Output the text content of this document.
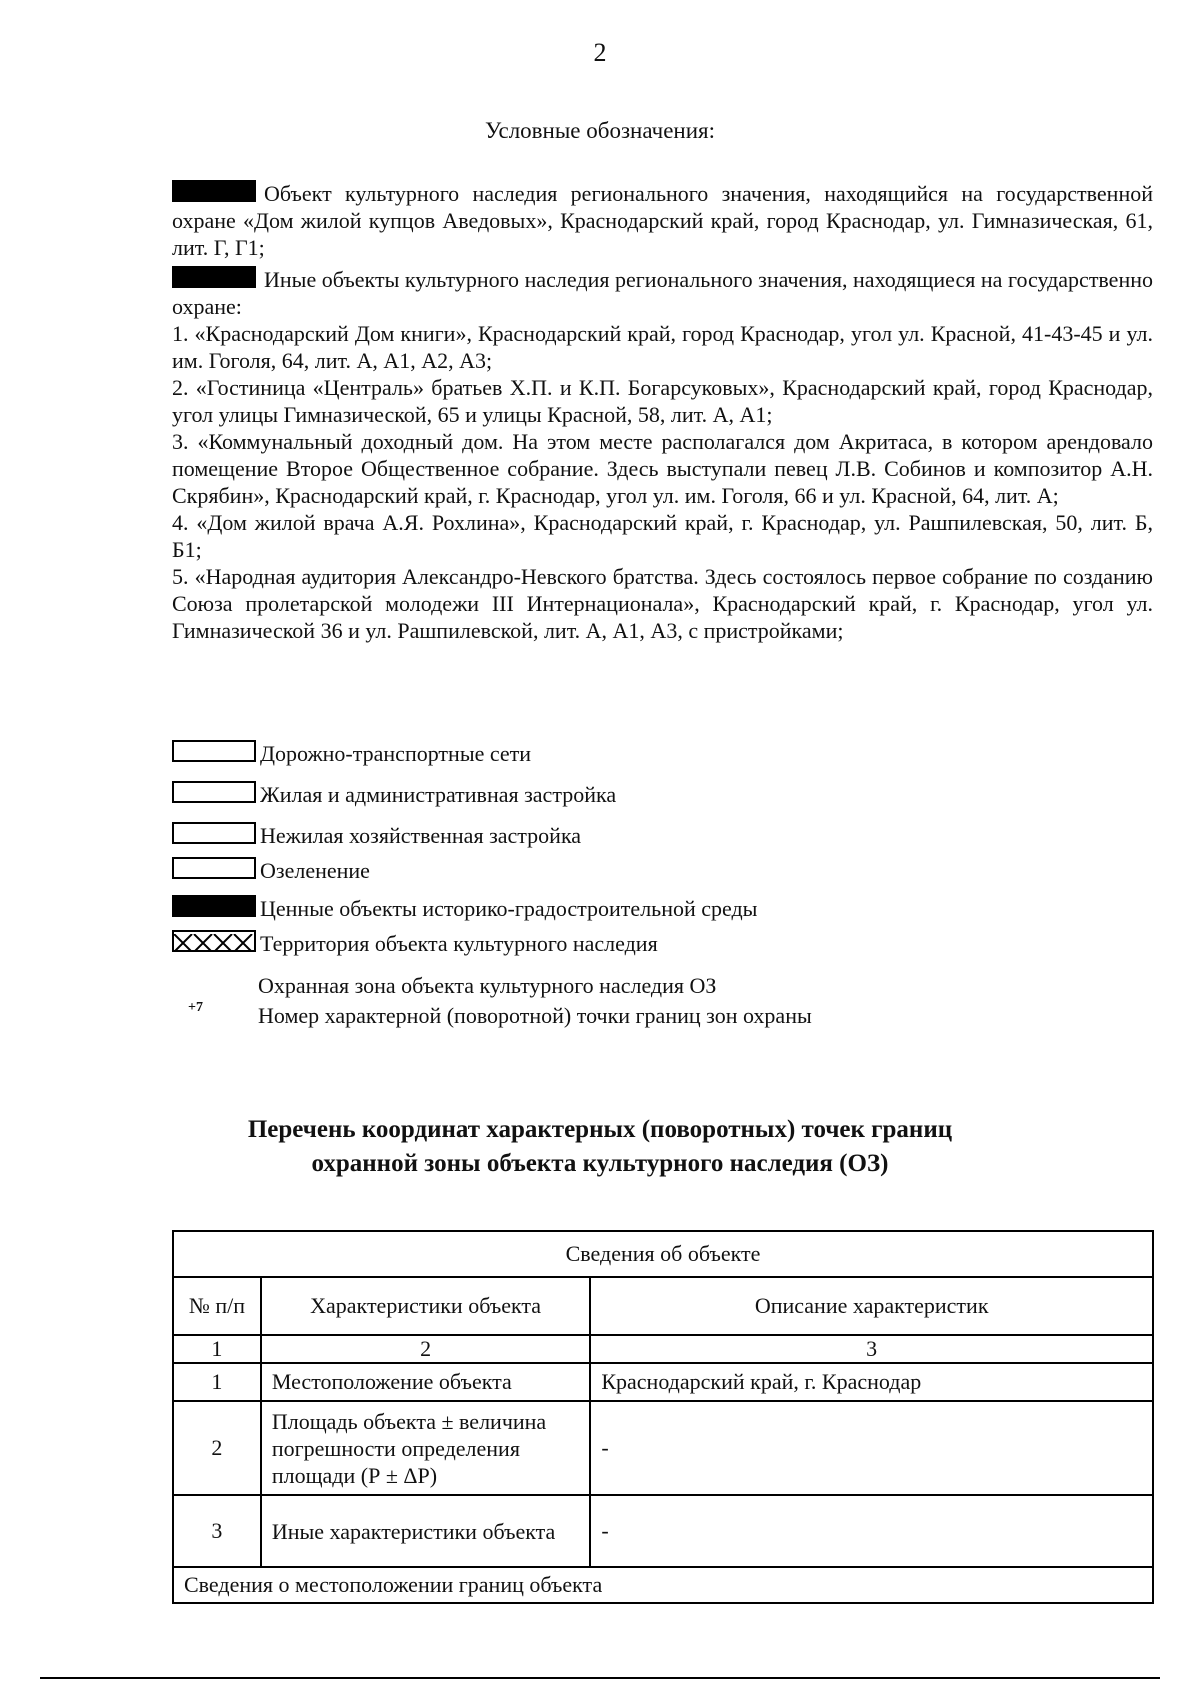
2
Условные обозначения:
Объект культурного наследия регионального значения, находящийся на государственной охране «Дом жилой купцов Аведовых», Краснодарский край, город Краснодар, ул. Гимназическая, 61, лит. Г, Г1;
Иные объекты культурного наследия регионального значения, находящиеся на государственно охране:
1. «Краснодарский Дом книги», Краснодарский край, город Краснодар, угол ул. Красной, 41-43-45 и ул. им. Гоголя, 64, лит. А, А1, А2, А3;
2. «Гостиница «Централь» братьев Х.П. и К.П. Богарсуковых», Краснодарский край, город Краснодар, угол улицы Гимназической, 65 и улицы Красной, 58, лит. А, А1;
3. «Коммунальный доходный дом. На этом месте располагался дом Акритаса, в котором арендовало помещение Второе Общественное собрание. Здесь выступали певец Л.В. Собинов и композитор А.Н. Скрябин», Краснодарский край, г. Краснодар, угол ул. им. Гоголя, 66 и ул. Красной, 64, лит. А;
4. «Дом жилой врача А.Я. Рохлина», Краснодарский край, г. Краснодар, ул. Рашпилевская, 50, лит. Б, Б1;
5. «Народная аудитория Александро-Невского братства. Здесь состоялось первое собрание по созданию Союза пролетарской молодежи III Интернационала», Краснодарский край, г. Краснодар, угол ул. Гимназической 36 и ул. Рашпилевской, лит. А, А1, А3, с пристройками;
Дорожно-транспортные сети
Жилая и административная застройка
Нежилая хозяйственная застройка
Озеленение
Ценные объекты историко-градостроительной среды
Территория объекта культурного наследия
Охранная зона объекта культурного наследия ОЗ
+7	Номер характерной (поворотной) точки границ зон охраны
Перечень координат характерных (поворотных) точек границ
охранной зоны объекта культурного наследия (ОЗ)
Сведения об объекте		
№ п/п	Характеристики объекта	Описание характеристик
1	2	3
1	Местоположение объекта	Краснодарский край, г. Краснодар
2	Площадь объекта ± величина погрешности определения площади (Р ± ΔР)	-
3	Иные характеристики объекта	-
Сведения о местоположении границ объекта		
